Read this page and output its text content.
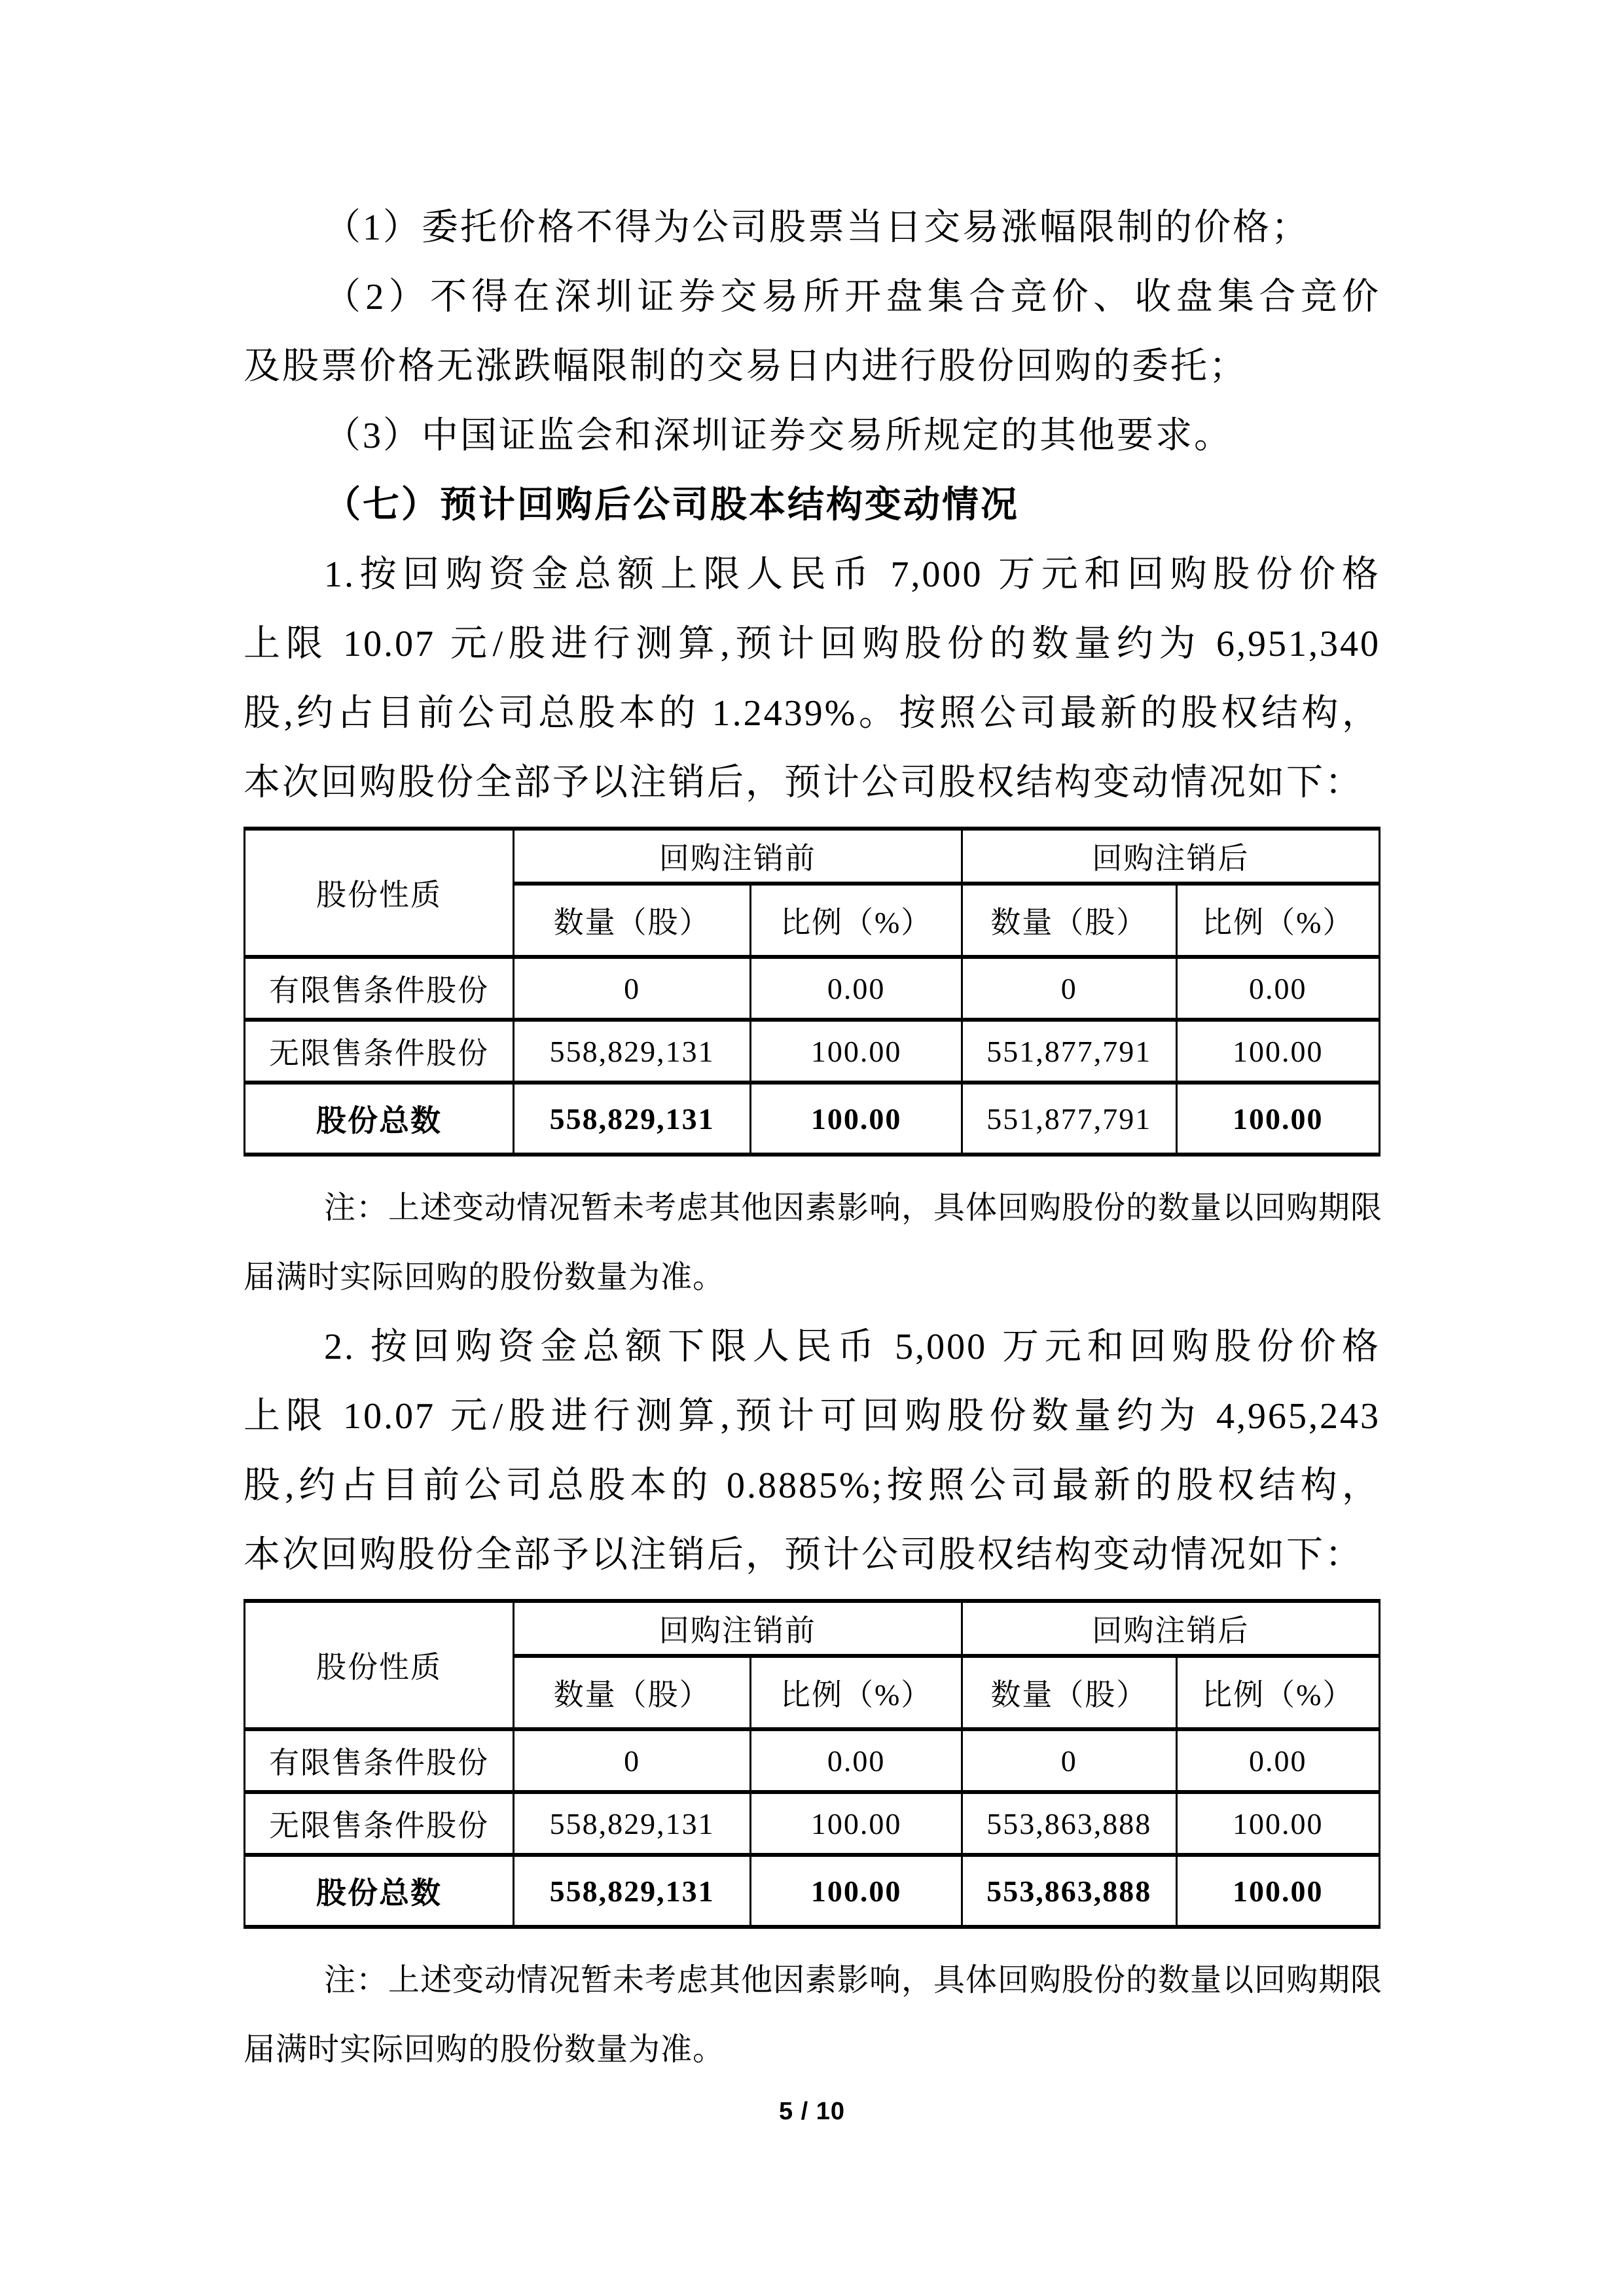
（1）委托价格不得为公司股票当日交易涨幅限制的价格；
（2）不得在深圳证券交易所开盘集合竞价、收盘集合竞价
及股票价格无涨跌幅限制的交易日内进行股份回购的委托；
（3）中国证监会和深圳证券交易所规定的其他要求。
（七）预计回购后公司股本结构变动情况
1.按回购资金总额上限人民币 7,000 万元和回购股份价格
上限 10.07 元/股进行测算,预计回购股份的数量约为 6,951,340
股,约占目前公司总股本的 1.2439%。按照公司最新的股权结构，
本次回购股份全部予以注销后，预计公司股权结构变动情况如下：
股份性质	回购注销前		回购注销后	
	数量（股）	比例（%）	数量（股）	比例（%）
有限售条件股份	0	0.00	0	0.00
无限售条件股份	558,829,131	100.00	551,877,791	100.00
股份总数	558,829,131	100.00	551,877,791	100.00
注：上述变动情况暂未考虑其他因素影响，具体回购股份的数量以回购期限
届满时实际回购的股份数量为准。
2. 按回购资金总额下限人民币 5,000 万元和回购股份价格
上限 10.07 元/股进行测算,预计可回购股份数量约为 4,965,243
股,约占目前公司总股本的 0.8885%;按照公司最新的股权结构，
本次回购股份全部予以注销后，预计公司股权结构变动情况如下：
股份性质	回购注销前		回购注销后	
	数量（股）	比例（%）	数量（股）	比例（%）
有限售条件股份	0	0.00	0	0.00
无限售条件股份	558,829,131	100.00	553,863,888	100.00
股份总数	558,829,131	100.00	553,863,888	100.00
注：上述变动情况暂未考虑其他因素影响，具体回购股份的数量以回购期限
届满时实际回购的股份数量为准。
5 / 10
